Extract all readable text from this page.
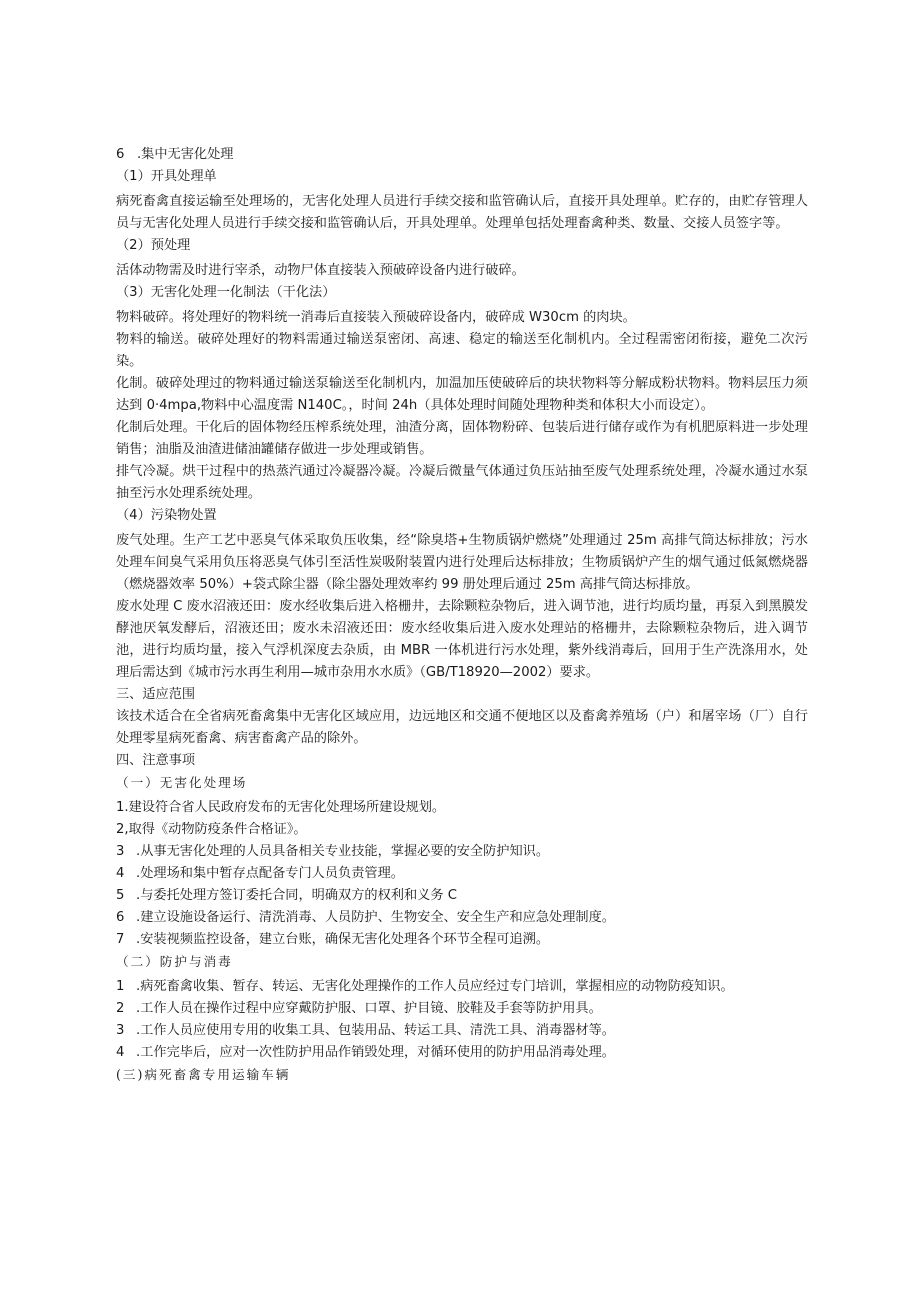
6   .集中无害化处理
（1）开具处理单
病死畜禽直接运输至处理场的，无害化处理人员进行手续交接和监管确认后，直接开具处理单。贮存的，由贮存管理人员与无害化处理人员进行手续交接和监管确认后，开具处理单。处理单包括处理畜禽种类、数量、交接人员签字等。
（2）预处理
活体动物需及时进行宰杀，动物尸体直接装入预破碎设备内进行破碎。
（3）无害化处理一化制法（干化法）
物料破碎。将处理好的物料统一消毒后直接装入预破碎设备内，破碎成 W30cm 的肉块。
物料的输送。破碎处理好的物料需通过输送泵密闭、高速、稳定的输送至化制机内。全过程需密闭衔接，避免二次污染。
化制。破碎处理过的物料通过输送泵输送至化制机内，加温加压使破碎后的块状物料等分解成粉状物料。物料层压力须达到 0·4mpa,物料中心温度需 N140C。，时间 24h（具体处理时间随处理物种类和体积大小而设定）。
化制后处理。干化后的固体物经压榨系统处理，油渣分离，固体物粉碎、包装后进行储存或作为有机肥原料进一步处理销售；油脂及油渣进储油罐储存做进一步处理或销售。
排气冷凝。烘干过程中的热蒸汽通过冷凝器冷凝。冷凝后微量气体通过负压站抽至废气处理系统处理，冷凝水通过水泵抽至污水处理系统处理。
（4）污染物处置
废气处理。生产工艺中恶臭气体采取负压收集，经“除臭塔+生物质锅炉燃烧”处理通过 25m 高排气筒达标排放；污水处理车间臭气采用负压将恶臭气体引至活性炭吸附装置内进行处理后达标排放；生物质锅炉产生的烟气通过低氮燃烧器（燃烧器效率 50%）+袋式除尘器（除尘器处理效率约 99 册处理后通过 25m 高排气筒达标排放。
废水处理 C 废水沼液还田：废水经收集后进入格栅井，去除颗粒杂物后，进入调节池，进行均质均量，再泵入到黑膜发酵池厌氧发酵后，沼液还田；废水未沼液还田：废水经收集后进入废水处理站的格栅井，去除颗粒杂物后，进入调节池，进行均质均量，接入气浮机深度去杂质，由 MBR 一体机进行污水处理，紫外线消毒后，回用于生产洗涤用水，处理后需达到《城市污水再生利用—城市杂用水水质》（GB/T18920—2002）要求。
三、适应范围
该技术适合在全省病死畜禽集中无害化区域应用，边远地区和交通不便地区以及畜禽养殖场（户）和屠宰场（厂）自行处理零星病死畜禽、病害畜禽产品的除外。
四、注意事项
（一）无害化处理场
1.建设符合省人民政府发布的无害化处理场所建设规划。
2,取得《动物防疫条件合格证》。
3 .从事无害化处理的人员具备相关专业技能，掌握必要的安全防护知识。
4 .处理场和集中暂存点配备专门人员负责管理。
5 .与委托处理方签订委托合同，明确双方的权利和义务 C
6 .建立设施设备运行、清洗消毒、人员防护、生物安全、安全生产和应急处理制度。
7 .安装视频监控设备，建立台账，确保无害化处理各个环节全程可追溯。
（二）防护与消毒
1 .病死畜禽收集、暂存、转运、无害化处理操作的工作人员应经过专门培训，掌握相应的动物防疫知识。
2 .工作人员在操作过程中应穿戴防护服、口罩、护目镜、胶鞋及手套等防护用具。
3 .工作人员应使用专用的收集工具、包装用品、转运工具、清洗工具、消毒器材等。
4 .工作完毕后，应对一次性防护用品作销毁处理，对循环使用的防护用品消毒处理。
(三)病死畜禽专用运输车辆
